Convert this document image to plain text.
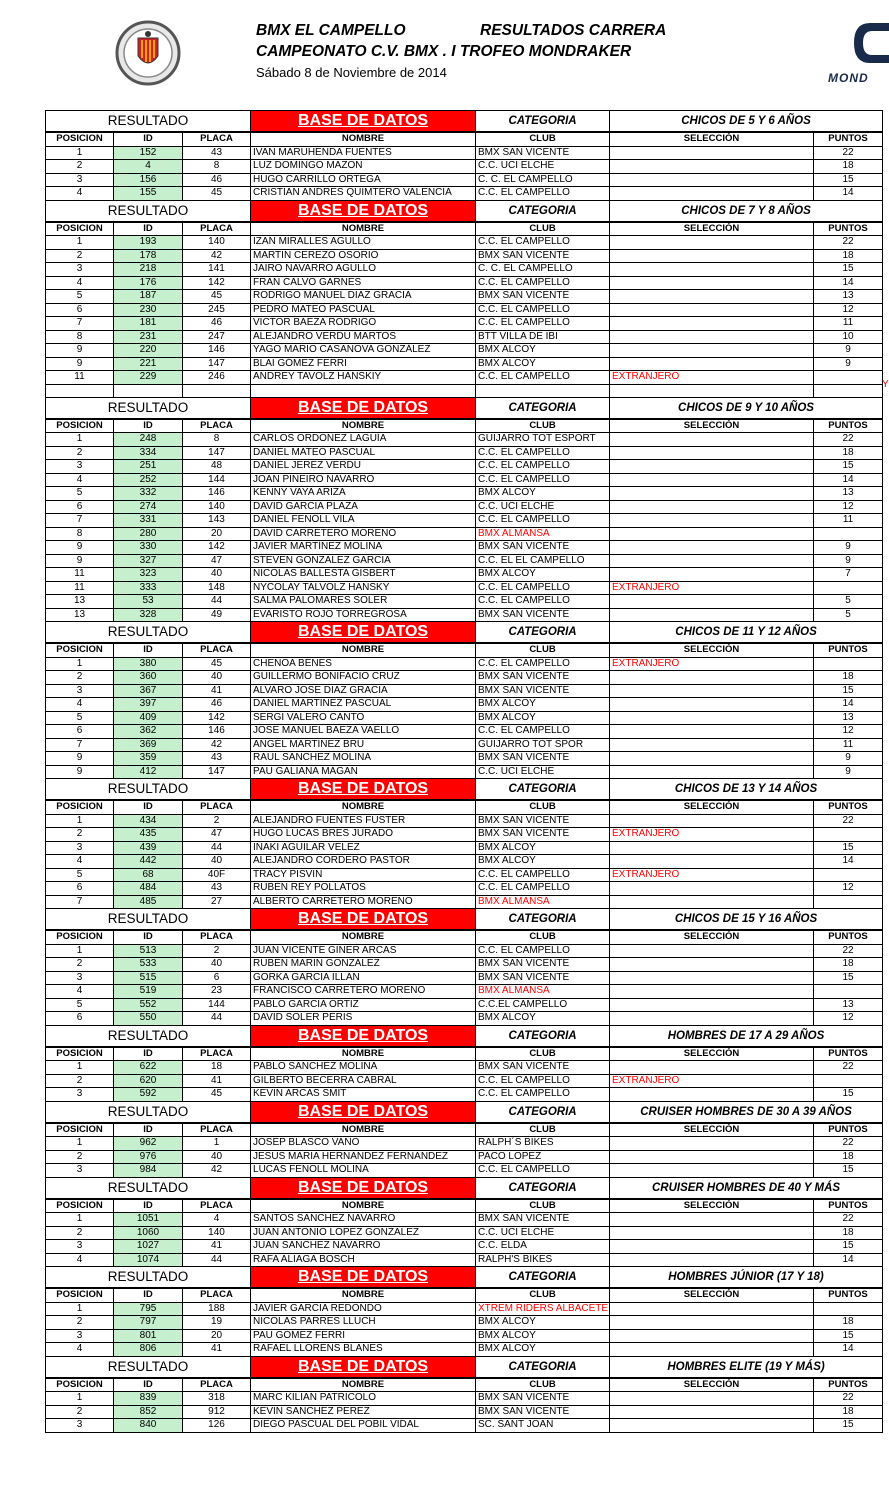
BMX EL CAMPELLO	RESULTADOS CARRERA
CAMPEONATO C.V. BMX . I TROFEO MONDRAKER
Sábado 8 de Noviembre de 2014	MOND
RESULTADO			BASE DE DATOS	CATEGORIA	CHICOS DE 5 Y 6 AÑOS	
POSICION	ID	PLACA	NOMBRE	CLUB	SELECCIÓN	PUNTOS
1	152	43	IVAN MARUHENDA FUENTES	BMX SAN VICENTE		22
2	4	8	LUZ DOMINGO MAZON	C.C. UCI ELCHE		18
3	156	46	HUGO CARRILLO ORTEGA	C. C. EL CAMPELLO		15
4	155	45	CRISTIAN ANDRES QUIMTERO VALENCIA	C.C. EL CAMPELLO		14
RESULTADO			BASE DE DATOS	CATEGORIA	CHICOS DE 7 Y 8 AÑOS	
POSICION	ID	PLACA	NOMBRE	CLUB	SELECCIÓN	PUNTOS
1	193	140	IZAN MIRALLES AGULLO	C.C. EL CAMPELLO		22
2	178	42	MARTIN CEREZO OSORIO	BMX SAN VICENTE		18
3	218	141	JAIRO NAVARRO AGULLO	C. C. EL CAMPELLO		15
4	176	142	FRAN CALVO GARNES	C.C. EL CAMPELLO		14
5	187	45	RODRIGO MANUEL DIAZ GRACIA	BMX SAN VICENTE		13
6	230	245	PEDRO MATEO PASCUAL	C.C. EL CAMPELLO		12
7	181	46	VICTOR BAEZA RODRIGO	C.C. EL CAMPELLO		11
8	231	247	ALEJANDRO VERDU MARTOS	BTT VILLA DE IBI		10
9	220	146	YAGO MARIO CASANOVA GONZÁLEZ	BMX ALCOY		9
9	221	147	BLAI GÓMEZ FERRI	BMX ALCOY		9
11	229	246	ANDREY TAVOLZ HANSKIY	C.C. EL CAMPELLO	EXTRANJERO	

RESULTADO			BASE DE DATOS	CATEGORIA	CHICOS DE 9 Y 10 AÑOS	
POSICION	ID	PLACA	NOMBRE	CLUB	SELECCIÓN	PUNTOS
1	248	8	CARLOS ORDOÑEZ LAGUÍA	GUIJARRO TOT ESPORT		22
2	334	147	DANIEL MATEO PASCUAL	C.C. EL CAMPELLO		18
3	251	48	DANIEL JEREZ VERDU	C.C. EL CAMPELLO		15
4	252	144	JOAN PIÑEIRO NAVARRO	C.C. EL CAMPELLO		14
5	332	146	KENNY VAYA ARIZA	BMX ALCOY		13
6	274	140	DAVID GARCIA PLAZA	C.C. UCI ELCHE		12
7	331	143	DANIEL FENOLL VILA	C.C. EL CAMPELLO		11
8	280	20	DAVID CARRETERO MORENO	BMX ALMANSA		
9	330	142	JAVIER MARTÍNEZ MOLINA	BMX SAN VICENTE		9
9	327	47	STEVEN GONZALEZ GARCIA	C.C. EL EL CAMPELLO		9
11	323	40	NICOLAS BALLESTA GISBERT	BMX ALCOY		7
11	333	148	NYCOLAY TALVOLZ HANSKY	C.C. EL CAMPELLO	EXTRANJERO	
13	53	44	SALMA PALOMARES SOLER	C.C. EL CAMPELLO		5
13	328	49	EVARISTO ROJO TORREGROSA	BMX SAN VICENTE		5
RESULTADO			BASE DE DATOS	CATEGORIA	CHICOS DE 11 Y 12 AÑOS	
POSICION	ID	PLACA	NOMBRE	CLUB	SELECCIÓN	PUNTOS
1	380	45	CHENOA BENES	C.C. EL CAMPELLO	EXTRANJERO	
2	360	40	GUILLERMO BONIFACIO CRUZ	BMX SAN VICENTE		18
3	367	41	ALVARO JOSE DIAZ GRACIA	BMX SAN VICENTE		15
4	397	46	DANIEL MARTINEZ PASCUAL	BMX ALCOY		14
5	409	142	SERGI VALERO CANTO	BMX ALCOY		13
6	362	146	JOSE MANUEL BAEZA VAELLO	C.C. EL CAMPELLO		12
7	369	42	ANGEL MARTINEZ BRU	GUIJARRO TOT SPOR		11
9	359	43	RAUL SANCHEZ MOLINA	BMX SAN VICENTE		9
9	412	147	PAU GALIANA MAGAN	C.C. UCI ELCHE		9
RESULTADO			BASE DE DATOS	CATEGORIA	CHICOS DE 13 Y 14 AÑOS	
POSICION	ID	PLACA	NOMBRE	CLUB	SELECCIÓN	PUNTOS
1	434	2	ALEJANDRO FUENTES FUSTER	BMX SAN VICENTE		22
2	435	47	HUGO LUCAS BRES JURADO	BMX SAN VICENTE	EXTRANJERO	
3	439	44	IÑAKI AGUILAR VELEZ	BMX ALCOY		15
4	442	40	ALEJANDRO CORDERO PASTOR	BMX ALCOY		14
5	68	40F	TRACY PISVIN	C.C. EL CAMPELLO	EXTRANJERO	
6	484	43	RUBEN REY POLLATOS	C.C. EL CAMPELLO		12
7	485	27	ALBERTO CARRETERO MORENO	BMX ALMANSA		
RESULTADO			BASE DE DATOS	CATEGORIA	CHICOS DE 15 Y 16 AÑOS	
POSICION	ID	PLACA	NOMBRE	CLUB	SELECCIÓN	PUNTOS
1	513	2	JUAN VICENTE GINER ARCAS	C.C. EL CAMPELLO		22
2	533	40	RUBEN MARIN GONZALEZ	BMX SAN VICENTE		18
3	515	6	GORKA GARCIA ILLAN	BMX SAN VICENTE		15
4	519	23	FRANCISCO CARRETERO MORENO	BMX ALMANSA		
5	552	144	PABLO GARCIA ORTIZ	C.C.EL CAMPELLO		13
6	550	44	DAVID SOLER PERIS	BMX ALCOY		12
RESULTADO			BASE DE DATOS	CATEGORIA	HOMBRES DE 17 A 29 AÑOS	
POSICION	ID	PLACA	NOMBRE	CLUB	SELECCIÓN	PUNTOS
1	622	18	PABLO SANCHEZ MOLINA	BMX SAN VICENTE		22
2	620	41	GILBERTO BECERRA CABRAL	C.C. EL CAMPELLO	EXTRANJERO	
3	592	45	KEVIN ARCAS SMIT	C.C. EL CAMPELLO		15
RESULTADO			BASE DE DATOS	CATEGORIA	CRUISER HOMBRES DE 30 A 39 AÑOS	
POSICION	ID	PLACA	NOMBRE	CLUB	SELECCIÓN	PUNTOS
1	962	1	JOSEP BLASCO VAÑO	RALPH´S BIKES		22
2	976	40	JESUS MARIA HERNANDEZ FERNANDEZ	PACO LOPEZ		18
3	984	42	LUCAS FENOLL MOLINA	C.C. EL CAMPELLO		15
RESULTADO			BASE DE DATOS	CATEGORIA	CRUISER HOMBRES DE 40 Y MÁS	
POSICION	ID	PLACA	NOMBRE	CLUB	SELECCIÓN	PUNTOS
1	1051	4	SANTOS SANCHEZ NAVARRO	BMX SAN VICENTE		22
2	1060	140	JUAN ANTONIO LOPEZ GONZALEZ	C.C. UCI ELCHE		18
3	1027	41	JUAN SANCHEZ NAVARRO	C.C. ELDA		15
4	1074	44	RAFA ALIAGA BOSCH	RALPH'S BIKES		14
RESULTADO			BASE DE DATOS	CATEGORIA	HOMBRES JÚNIOR (17 Y 18)	
POSICION	ID	PLACA	NOMBRE	CLUB	SELECCIÓN	PUNTOS
1	795	188	JAVIER GARCIA REDONDO	XTREM RIDERS ALBACETE		
2	797	19	NICOLAS PARRES LLUCH	BMX ALCOY		18
3	801	20	PAU GOMEZ FERRI	BMX ALCOY		15
4	806	41	RAFAEL LLORENS BLANES	BMX ALCOY		14
RESULTADO			BASE DE DATOS	CATEGORIA	HOMBRES ELITE (19 Y MÁS)	
POSICION	ID	PLACA	NOMBRE	CLUB	SELECCIÓN	PUNTOS
1	839	318	MARC KILIAN PATRICOLO	BMX SAN VICENTE		22
2	852	912	KEVIN SANCHEZ PEREZ	BMX SAN VICENTE		18
3	840	126	DIEGO PASCUAL DEL POBIL VIDAL	SC. SANT JOAN		15
Y
